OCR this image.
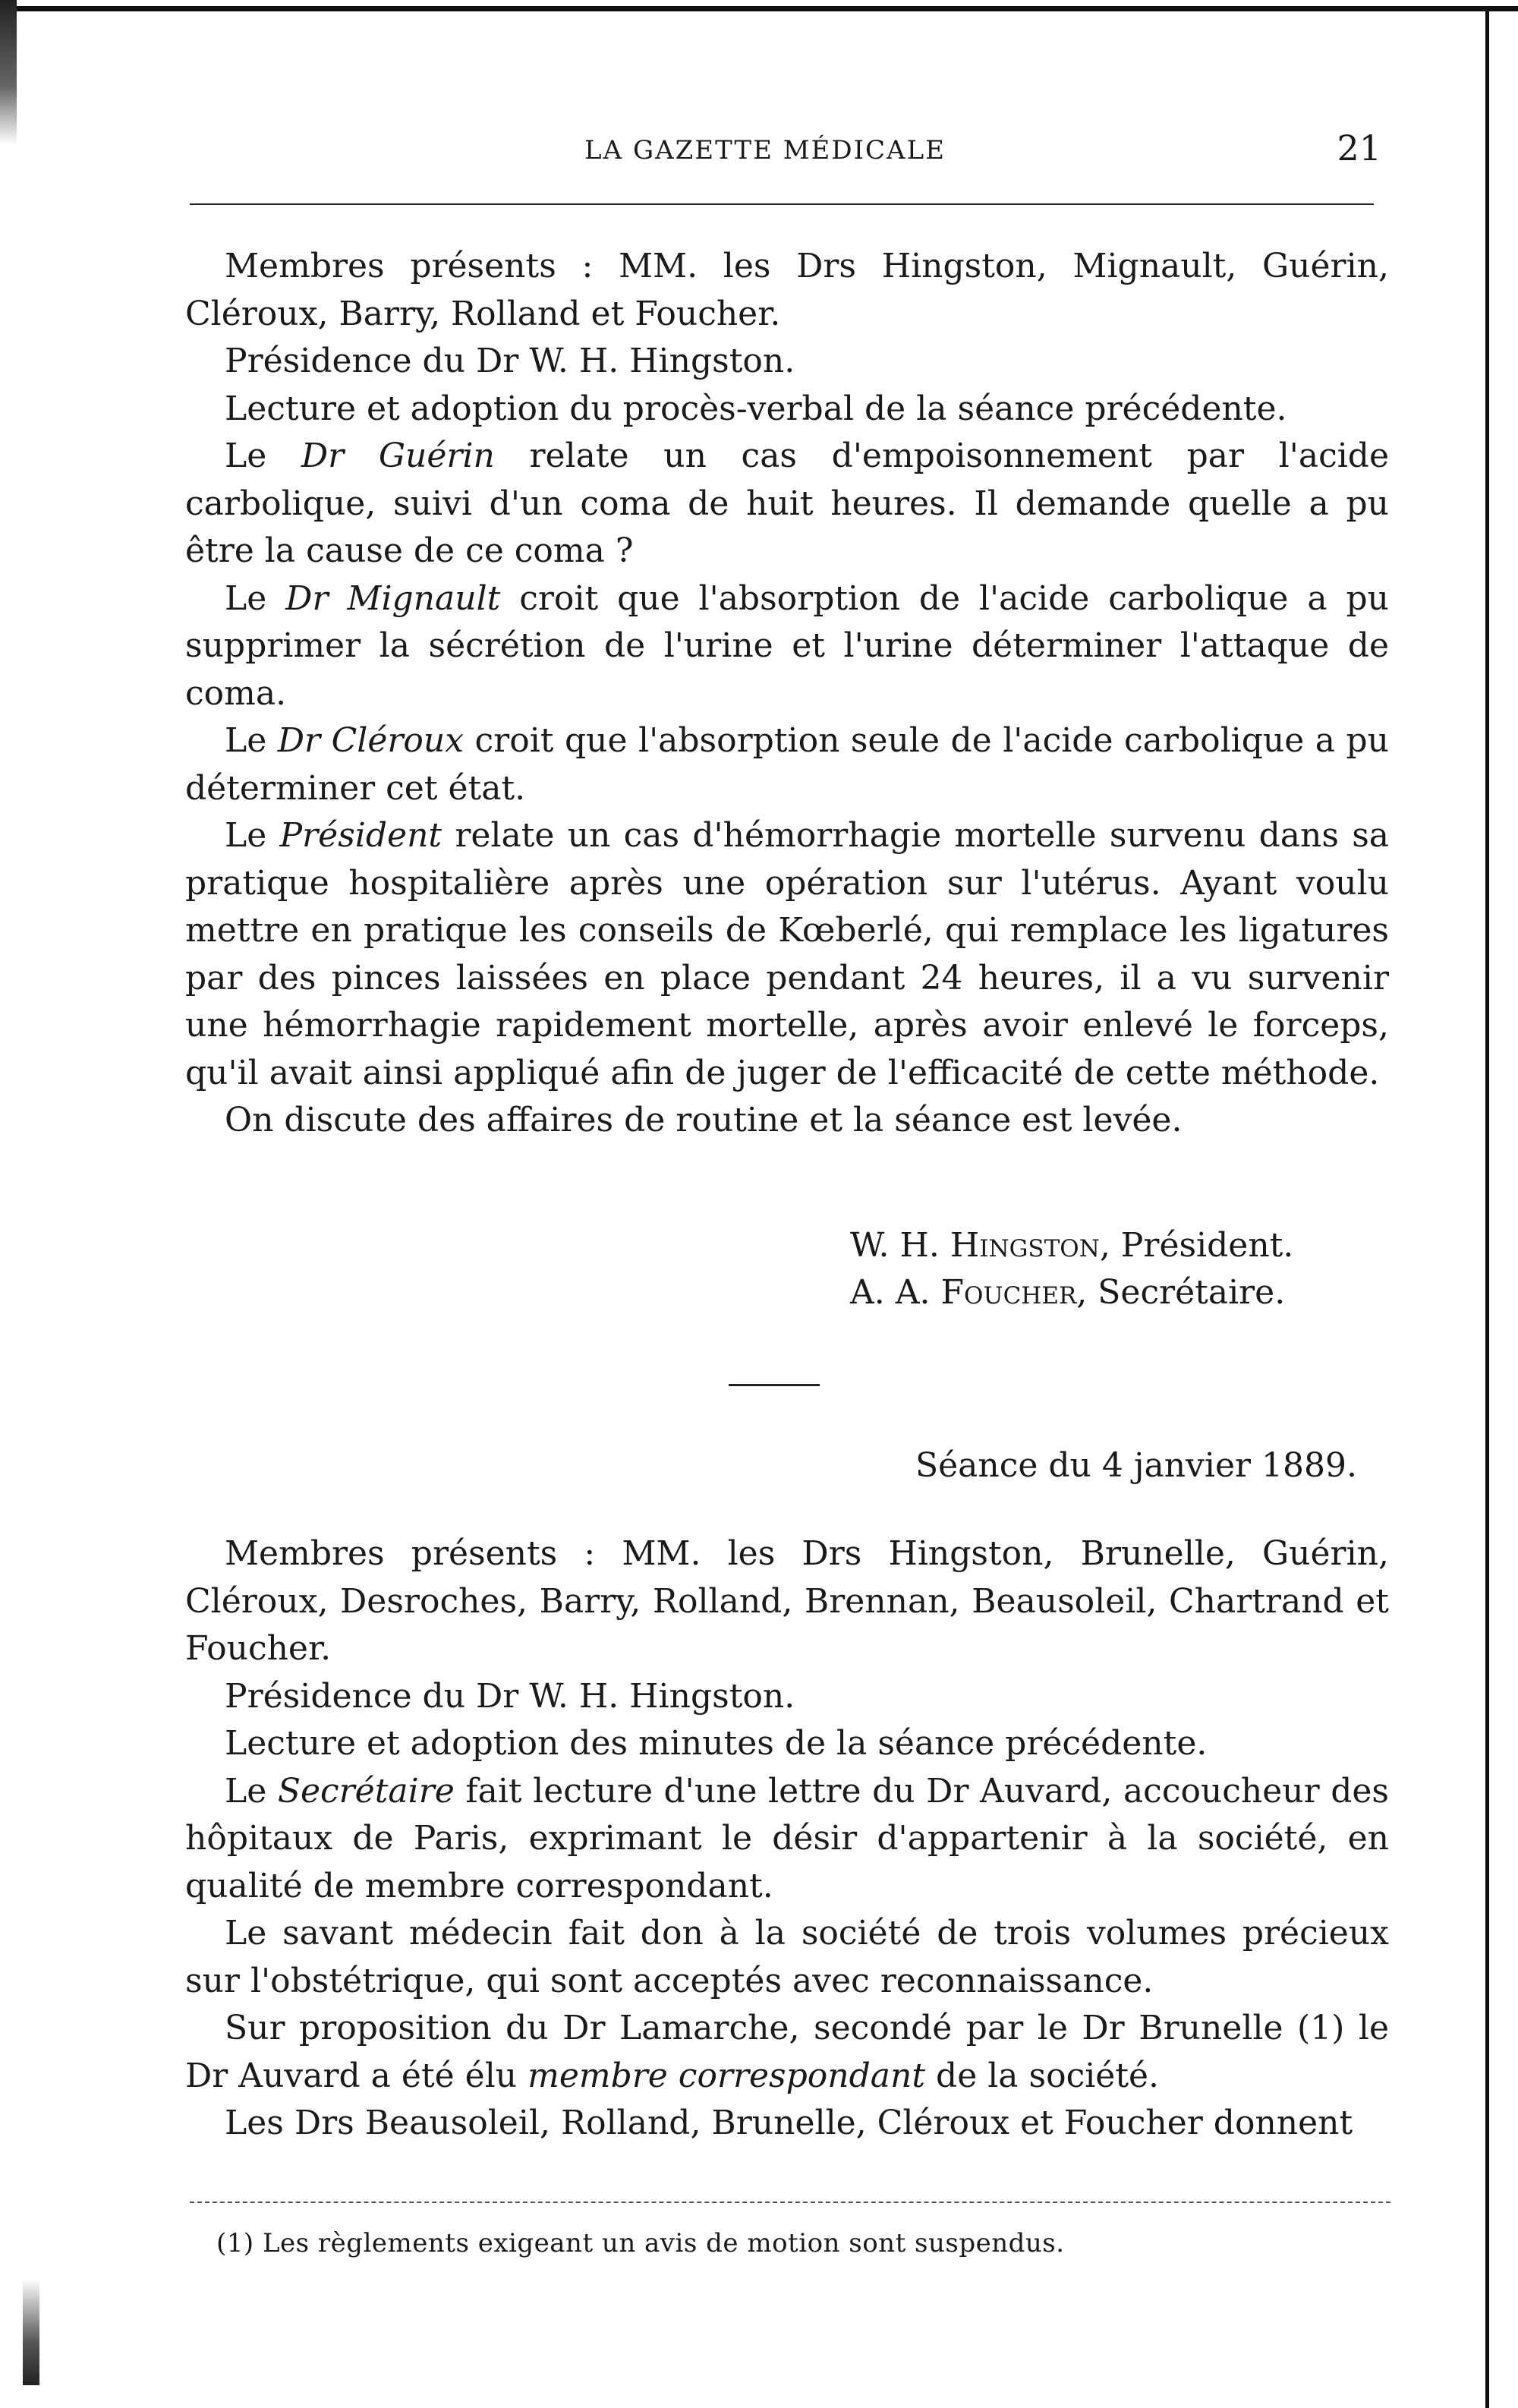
LA GAZETTE MÉDICALE	21

Membres présents : MM. les Drs Hingston, Mignault, Guérin, Cléroux, Barry, Rolland et Foucher.

Présidence du Dr W. H. Hingston.

Lecture et adoption du procès-verbal de la séance précédente.

Le Dr Guérin relate un cas d'empoisonnement par l'acide carbolique, suivi d'un coma de huit heures. Il demande quelle a pu être la cause de ce coma ?

Le Dr Mignault croit que l'absorption de l'acide carbolique a pu supprimer la sécrétion de l'urine et l'urine déterminer l'attaque de coma.

Le Dr Cléroux croit que l'absorption seule de l'acide carbolique a pu déterminer cet état.

Le Président relate un cas d'hémorrhagie mortelle survenu dans sa pratique hospitalière après une opération sur l'utérus. Ayant voulu mettre en pratique les conseils de Kœberlé, qui remplace les ligatures par des pinces laissées en place pendant 24 heures, il a vu survenir une hémorrhagie rapidement mortelle, après avoir enlevé le forceps, qu'il avait ainsi appliqué afin de juger de l'efficacité de cette méthode.

On discute des affaires de routine et la séance est levée.

W. H. Hingston, Président.
A. A. Foucher, Secrétaire.
Séance du 4 janvier 1889.

Membres présents : MM. les Drs Hingston, Brunelle, Guérin, Cléroux, Desroches, Barry, Rolland, Brennan, Beausoleil, Chartrand et Foucher.

Présidence du Dr W. H. Hingston.

Lecture et adoption des minutes de la séance précédente.

Le Secrétaire fait lecture d'une lettre du Dr Auvard, accoucheur des hôpitaux de Paris, exprimant le désir d'appartenir à la société, en qualité de membre correspondant.

Le savant médecin fait don à la société de trois volumes précieux sur l'obstétrique, qui sont acceptés avec reconnaissance.

Sur proposition du Dr Lamarche, secondé par le Dr Brunelle (1) le Dr Auvard a été élu membre correspondant de la société.

Les Drs Beausoleil, Rolland, Brunelle, Cléroux et Foucher donnent

(1) Les règlements exigeant un avis de motion sont suspendus.
